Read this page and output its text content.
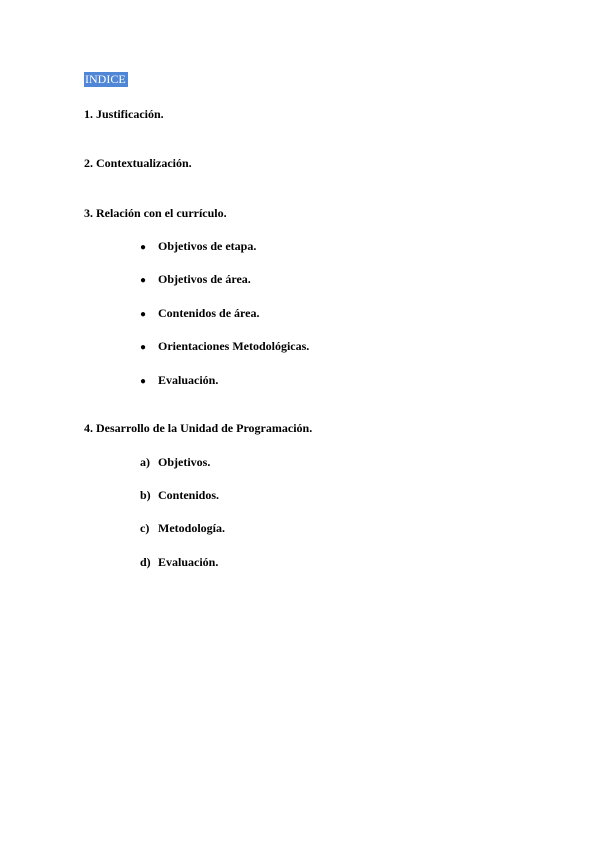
INDICE
1. Justificación.
2. Contextualización.
3. Relación con el currículo.
● Objetivos de etapa.
● Objetivos de área.
● Contenidos de área.
● Orientaciones Metodológicas.
● Evaluación.
4. Desarrollo de la Unidad de Programación.
a) Objetivos.
b) Contenidos.
c) Metodología.
d) Evaluación.
